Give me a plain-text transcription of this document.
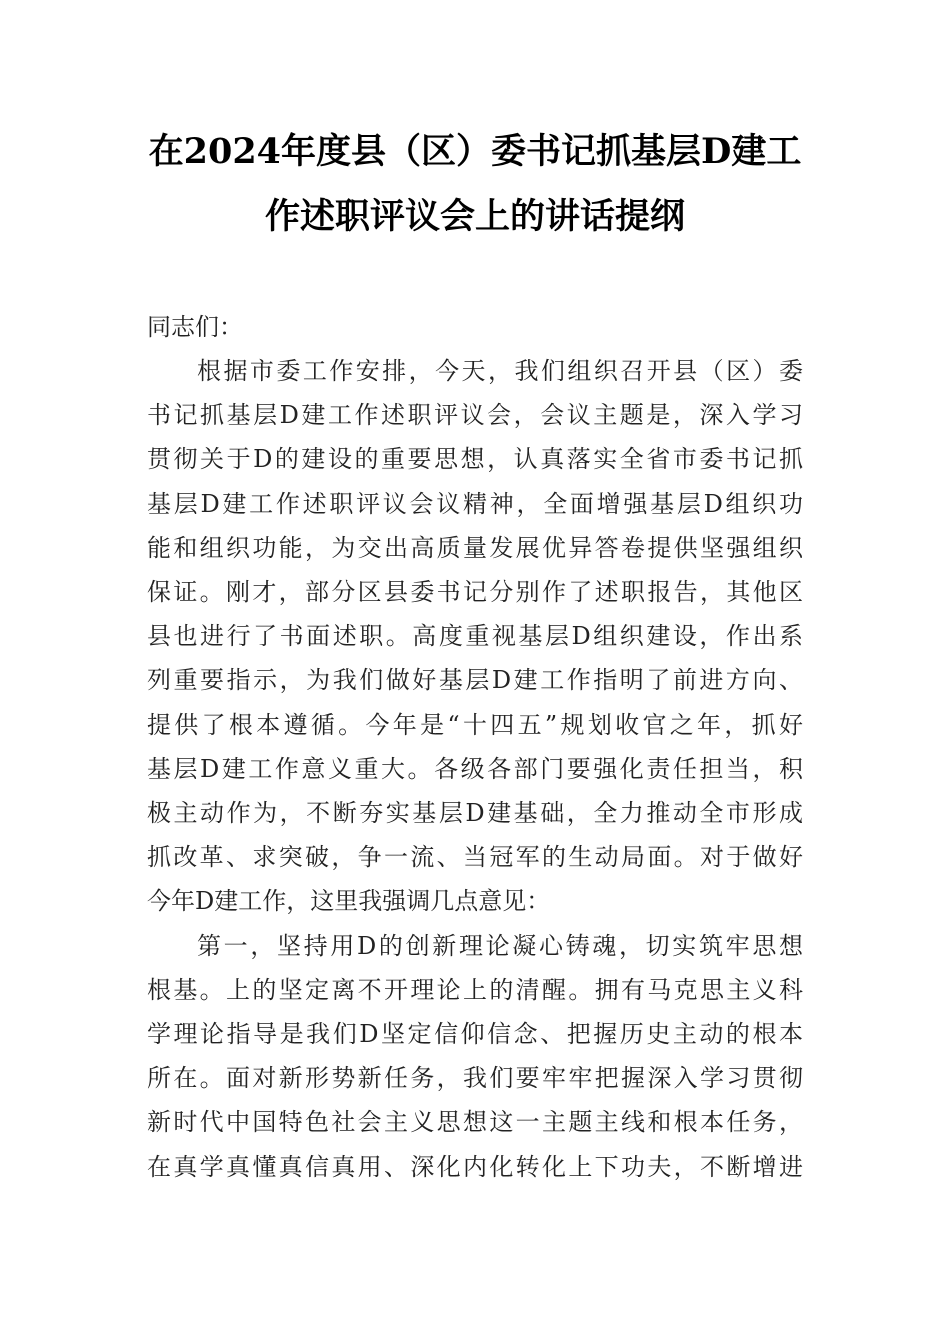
在2024年度县（区）委书记抓基层D建工
作述职评议会上的讲话提纲
同志们：
根据市委工作安排，今天，我们组织召开县（区）委
书记抓基层D建工作述职评议会，会议主题是，深入学习
贯彻关于D的建设的重要思想，认真落实全省市委书记抓
基层D建工作述职评议会议精神，全面增强基层D组织功
能和组织功能，为交出高质量发展优异答卷提供坚强组织
保证。刚才，部分区县委书记分别作了述职报告，其他区
县也进行了书面述职。高度重视基层D组织建设，作出系
列重要指示，为我们做好基层D建工作指明了前进方向、
提供了根本遵循。今年是“十四五”规划收官之年，抓好
基层D建工作意义重大。各级各部门要强化责任担当，积
极主动作为，不断夯实基层D建基础，全力推动全市形成
抓改革、求突破，争一流、当冠军的生动局面。对于做好
今年D建工作，这里我强调几点意见：
第一，坚持用D的创新理论凝心铸魂，切实筑牢思想
根基。上的坚定离不开理论上的清醒。拥有马克思主义科
学理论指导是我们D坚定信仰信念、把握历史主动的根本
所在。面对新形势新任务，我们要牢牢把握深入学习贯彻
新时代中国特色社会主义思想这一主题主线和根本任务，
在真学真懂真信真用、深化内化转化上下功夫，不断增进
